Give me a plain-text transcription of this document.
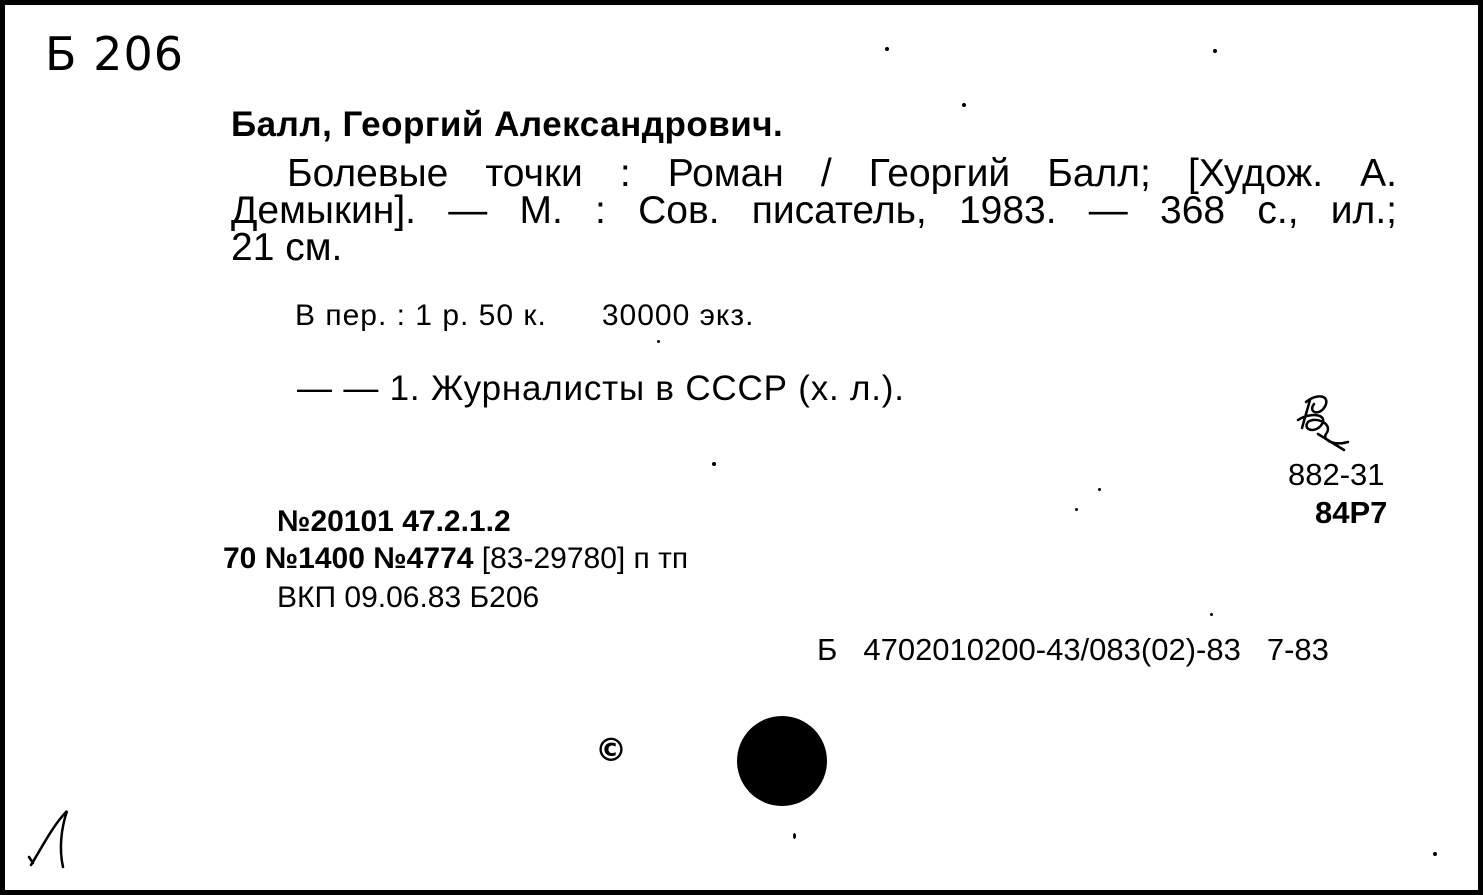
Б 206
Балл, Георгий Александрович.
Болевые точки : Роман / Георгий Балл; [Худож. А.
Демыкин]. — М. : Сов. писатель, 1983. — 368 с., ил.;
21 см.
В пер. : 1 р. 50 к. 30000 экз.
— — 1. Журналисты в СССР (х. л.).
882-31
84Р7
№20101 47.2.1.2
70 №1400 №4774 [83-29780] п тп
ВКП 09.06.83 Б206
Б 4702010200-43/083(02)-83 7-83
©
